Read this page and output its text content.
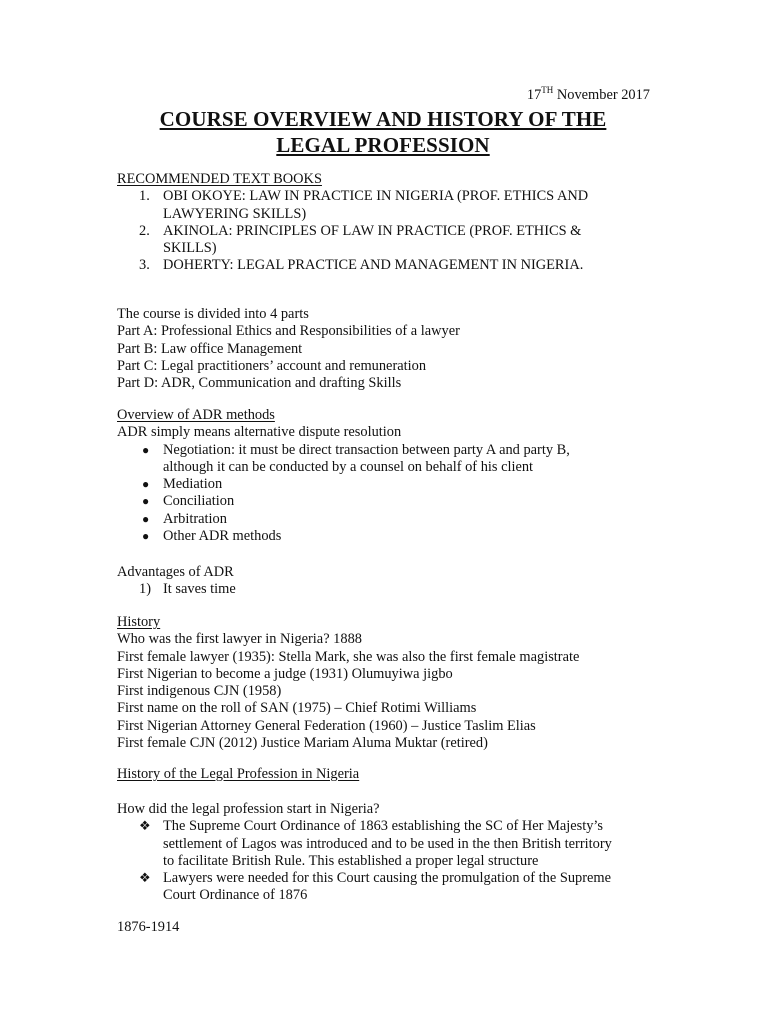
17TH November 2017
COURSE OVERVIEW AND HISTORY OF THE
LEGAL PROFESSION
RECOMMENDED TEXT BOOKS
1. OBI OKOYE: LAW IN PRACTICE IN NIGERIA (PROF. ETHICS AND
LAWYERING SKILLS)
2. AKINOLA: PRINCIPLES OF LAW IN PRACTICE (PROF. ETHICS &
SKILLS)
3. DOHERTY: LEGAL PRACTICE AND MANAGEMENT IN NIGERIA.
The course is divided into 4 parts
Part A: Professional Ethics and Responsibilities of a lawyer
Part B: Law office Management
Part C: Legal practitioners’ account and remuneration
Part D: ADR, Communication and drafting Skills
Overview of ADR methods
ADR simply means alternative dispute resolution
● Negotiation: it must be direct transaction between party A and party B,
although it can be conducted by a counsel on behalf of his client
● Mediation
● Conciliation
● Arbitration
● Other ADR methods
Advantages of ADR
1) It saves time
History
Who was the first lawyer in Nigeria? 1888
First female lawyer (1935): Stella Mark, she was also the first female magistrate
First Nigerian to become a judge (1931) Olumuyiwa jigbo
First indigenous CJN (1958)
First name on the roll of SAN (1975) – Chief Rotimi Williams
First Nigerian Attorney General Federation (1960) – Justice Taslim Elias
First female CJN (2012) Justice Mariam Aluma Muktar (retired)
History of the Legal Profession in Nigeria
How did the legal profession start in Nigeria?
❖ The Supreme Court Ordinance of 1863 establishing the SC of Her Majesty’s
settlement of Lagos was introduced and to be used in the then British territory
to facilitate British Rule. This established a proper legal structure
❖ Lawyers were needed for this Court causing the promulgation of the Supreme
Court Ordinance of 1876
1876-1914
